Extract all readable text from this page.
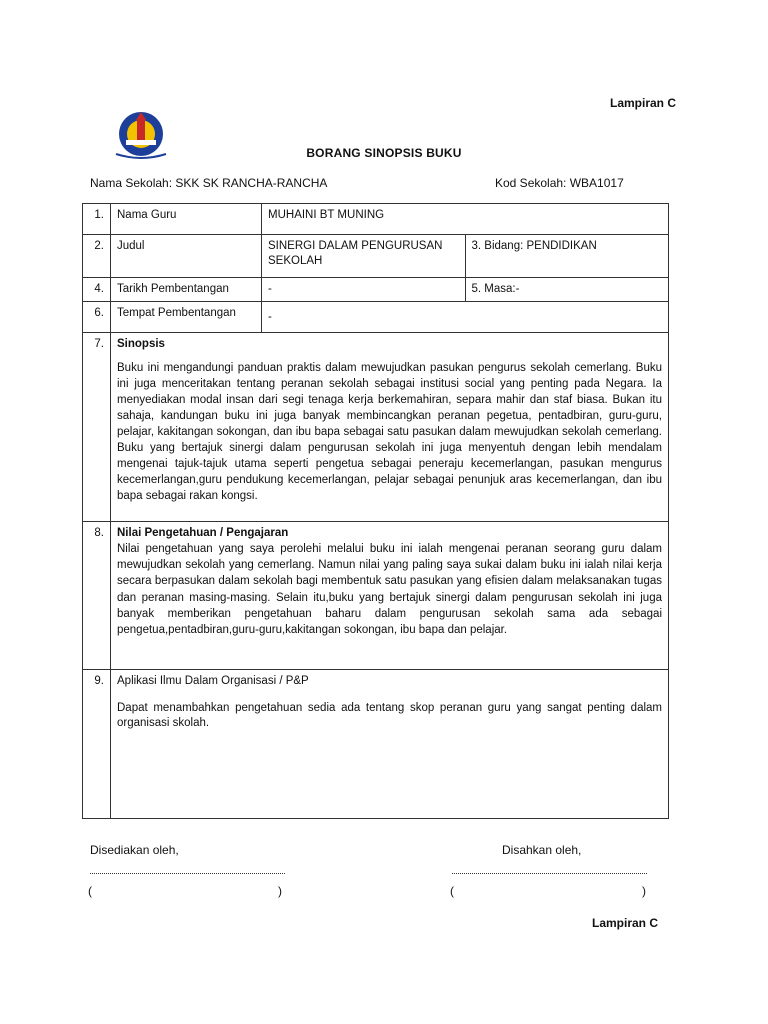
Lampiran C
BORANG SINOPSIS BUKU
Nama Sekolah: SKK SK RANCHA-RANCHA	Kod Sekolah: WBA1017
1.	Nama Guru	MUHAINI BT MUNING	
2.	Judul	SINERGI DALAM PENGURUSAN SEKOLAH	3. Bidang: PENDIDIKAN
4.	Tarikh Pembentangan	-	5. Masa:-
6.	Tempat Pembentangan	-	
7.	Sinopsis
Buku ini mengandungi panduan praktis dalam mewujudkan pasukan pengurus sekolah cemerlang. Buku ini juga menceritakan tentang peranan sekolah sebagai institusi social yang penting pada Negara. Ia menyediakan modal insan dari segi tenaga kerja berkemahiran, separa mahir dan staf biasa. Bukan itu sahaja, kandungan buku ini juga banyak membincangkan peranan pegetua, pentadbiran, guru-guru, pelajar, kakitangan sokongan, dan ibu bapa sebagai satu pasukan dalam mewujudkan sekolah cemerlang. Buku yang bertajuk sinergi dalam pengurusan sekolah ini juga menyentuh dengan lebih mendalam mengenai tajuk-tajuk utama seperti pengetua sebagai peneraju kecemerlangan, pasukan mengurus kecemerlangan,guru pendukung kecemerlangan, pelajar sebagai penunjuk aras kecemerlangan, dan ibu bapa sebagai rakan kongsi.		

8.	Nilai Pengetahuan / Pengajaran
Nilai pengetahuan yang saya perolehi melalui buku ini ialah mengenai peranan seorang guru dalam mewujudkan sekolah yang cemerlang. Namun nilai yang paling saya sukai dalam buku ini ialah nilai kerja secara berpasukan dalam sekolah bagi membentuk satu pasukan yang efisien dalam melaksanakan tugas dan peranan masing-masing. Selain itu,buku yang bertajuk sinergi dalam pengurusan sekolah ini juga banyak memberikan pengetahuan baharu dalam pengurusan sekolah sama ada sebagai pengetua,pentadbiran,guru-guru,kakitangan sokongan, ibu bapa dan pelajar.		

9.	Aplikasi Ilmu Dalam Organisasi / P&P
Dapat menambahkan pengetahuan sedia ada tentang skop peranan guru yang sangat penting dalam organisasi skolah.		
Disediakan oleh,	Disahkan oleh,
(	)	(	)
Lampiran C
